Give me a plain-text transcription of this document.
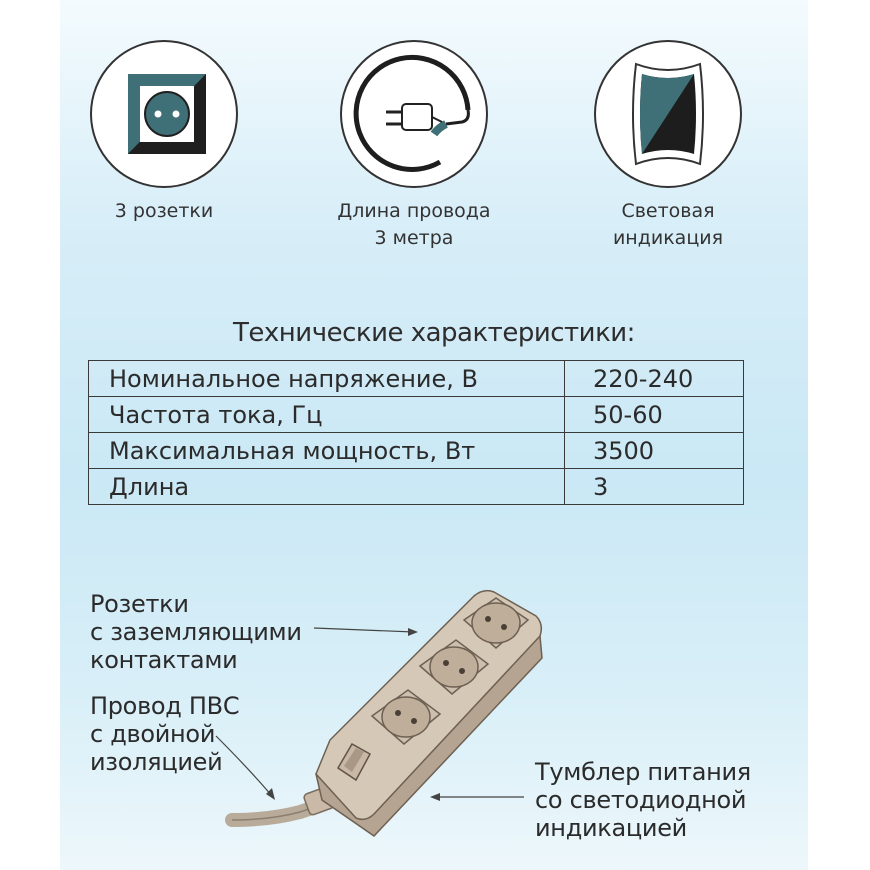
3 розетки	Длина провода
3 метра
Световая
индикация
Технические характеристики:
Номинальное напряжение, В	220-240
Частота тока, Гц	50-60
Максимальная мощность, Вт	3500
Длина	3
Розетки
с заземляющими
контактами
Провод ПВС
с двойной
изоляцией	Тумблер питания
со светодиодной
индикацией
